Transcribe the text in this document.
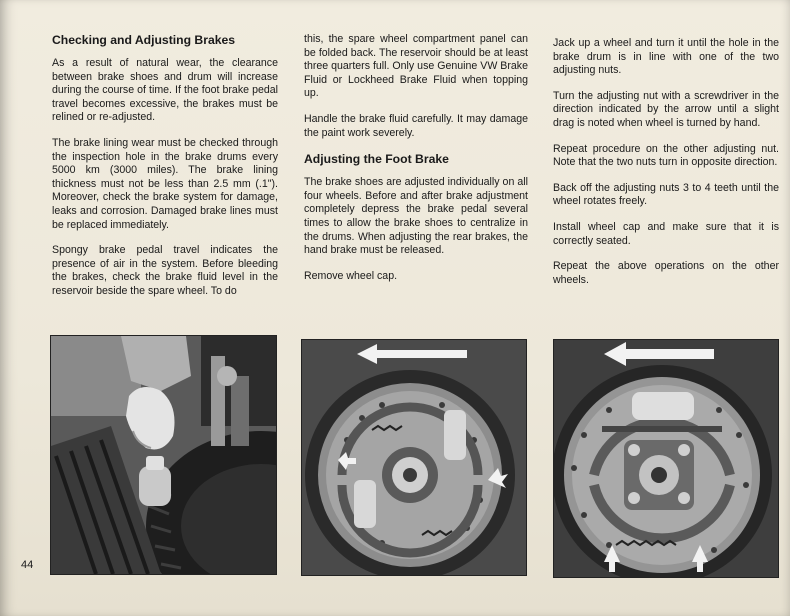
Checking and Adjusting Brakes

As a result of natural wear, the clearance between brake shoes and drum will increase during the course of time. If the foot brake pedal travel becomes excessive, the brakes must be relined or re-adjusted.

The brake lining wear must be checked through the inspection hole in the brake drums every 5000 km (3000 miles). The brake lining thickness must not be less than 2.5 mm (.1"). Moreover, check the brake system for damage, leaks and corrosion. Damaged brake lines must be replaced immediately.

Spongy brake pedal travel indicates the presence of air in the system. Before bleeding the brakes, check the brake fluid level in the reservoir beside the spare wheel. To do

this, the spare wheel compartment panel can be folded back. The reservoir should be at least three quarters full. Only use Genuine VW Brake Fluid or Lockheed Brake Fluid when topping up.

Handle the brake fluid carefully. It may damage the paint work severely.

Adjusting the Foot Brake

The brake shoes are adjusted individually on all four wheels. Before and after brake adjustment completely depress the brake pedal several times to allow the brake shoes to centralize in the drums. When adjusting the rear brakes, the hand brake must be released.

Remove wheel cap.

Jack up a wheel and turn it until the hole in the brake drum is in line with one of the two adjusting nuts.

Turn the adjusting nut with a screwdriver in the direction indicated by the arrow until a slight drag is noted when wheel is turned by hand.

Repeat procedure on the other adjusting nut. Note that the two nuts turn in opposite direction.

Back off the adjusting nuts 3 to 4 teeth until the wheel rotates freely.

Install wheel cap and make sure that it is correctly seated.

Repeat the above operations on the other wheels.

44
